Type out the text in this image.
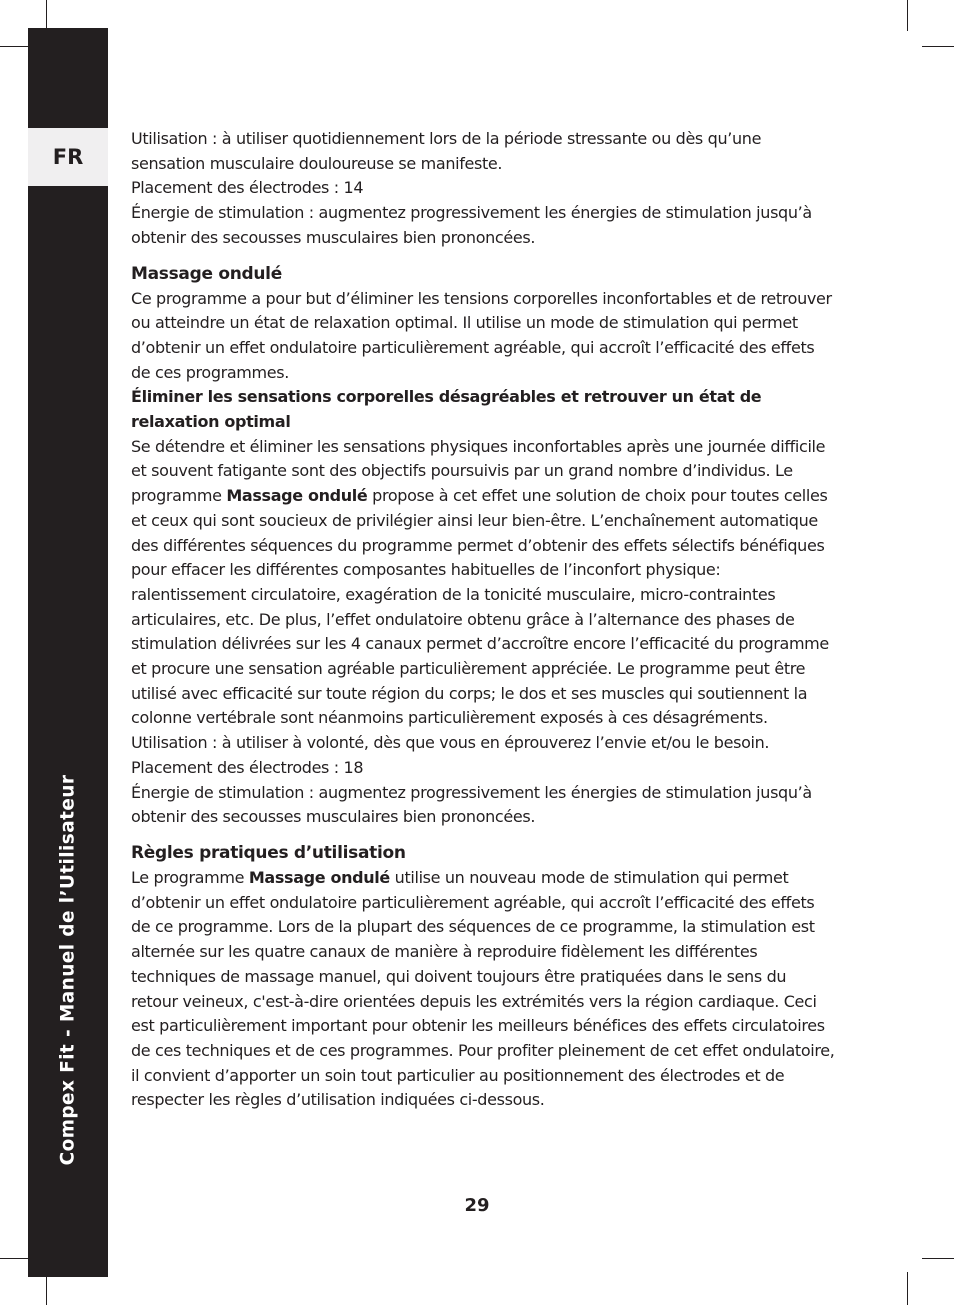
FR
Compex Fit - Manuel de l’Utilisateur

Utilisation : à utiliser quotidiennement lors de la période stressante ou dès qu’une sensation musculaire douloureuse se manifeste.

Placement des électrodes : 14

Énergie de stimulation : augmentez progressivement les énergies de stimulation jusqu’à obtenir des secousses musculaires bien prononcées.

Massage ondulé

Ce programme a pour but d’éliminer les tensions corporelles inconfortables et de retrouver ou atteindre un état de relaxation optimal. Il utilise un mode de stimulation qui permet d’obtenir un effet ondulatoire particulièrement agréable, qui accroît l’efficacité des effets de ces programmes.

Éliminer les sensations corporelles désagréables et retrouver un état de relaxation optimal

Se détendre et éliminer les sensations physiques inconfortables après une journée difficile et souvent fatigante sont des objectifs poursuivis par un grand nombre d’individus. Le programme Massage ondulé propose à cet effet une solution de choix pour toutes celles et ceux qui sont soucieux de privilégier ainsi leur bien-être. L’enchaînement automatique des différentes séquences du programme permet d’obtenir des effets sélectifs bénéfiques pour effacer les différentes composantes habituelles de l’inconfort physique: ralentissement circulatoire, exagération de la tonicité musculaire, micro-contraintes articulaires, etc. De plus, l’effet ondulatoire obtenu grâce à l’alternance des phases de stimulation délivrées sur les 4 canaux permet d’accroître encore l’efficacité du programme et procure une sensation agréable particulièrement appréciée. Le programme peut être utilisé avec efficacité sur toute région du corps; le dos et ses muscles qui soutiennent la colonne vertébrale sont néanmoins particulièrement exposés à ces désagréments.

Utilisation : à utiliser à volonté, dès que vous en éprouverez l’envie et/ou le besoin.

Placement des électrodes : 18

Énergie de stimulation : augmentez progressivement les énergies de stimulation jusqu’à obtenir des secousses musculaires bien prononcées.

Règles pratiques d’utilisation

Le programme Massage ondulé utilise un nouveau mode de stimulation qui permet d’obtenir un effet ondulatoire particulièrement agréable, qui accroît l’efficacité des effets de ce programme. Lors de la plupart des séquences de ce programme, la stimulation est alternée sur les quatre canaux de manière à reproduire fidèlement les différentes techniques de massage manuel, qui doivent toujours être pratiquées dans le sens du retour veineux, c'est-à-dire orientées depuis les extrémités vers la région cardiaque. Ceci est particulièrement important pour obtenir les meilleurs bénéfices des effets circulatoires de ces techniques et de ces programmes. Pour profiter pleinement de cet effet ondulatoire, il convient d’apporter un soin tout particulier au positionnement des électrodes et de respecter les règles d’utilisation indiquées ci-dessous.

29
